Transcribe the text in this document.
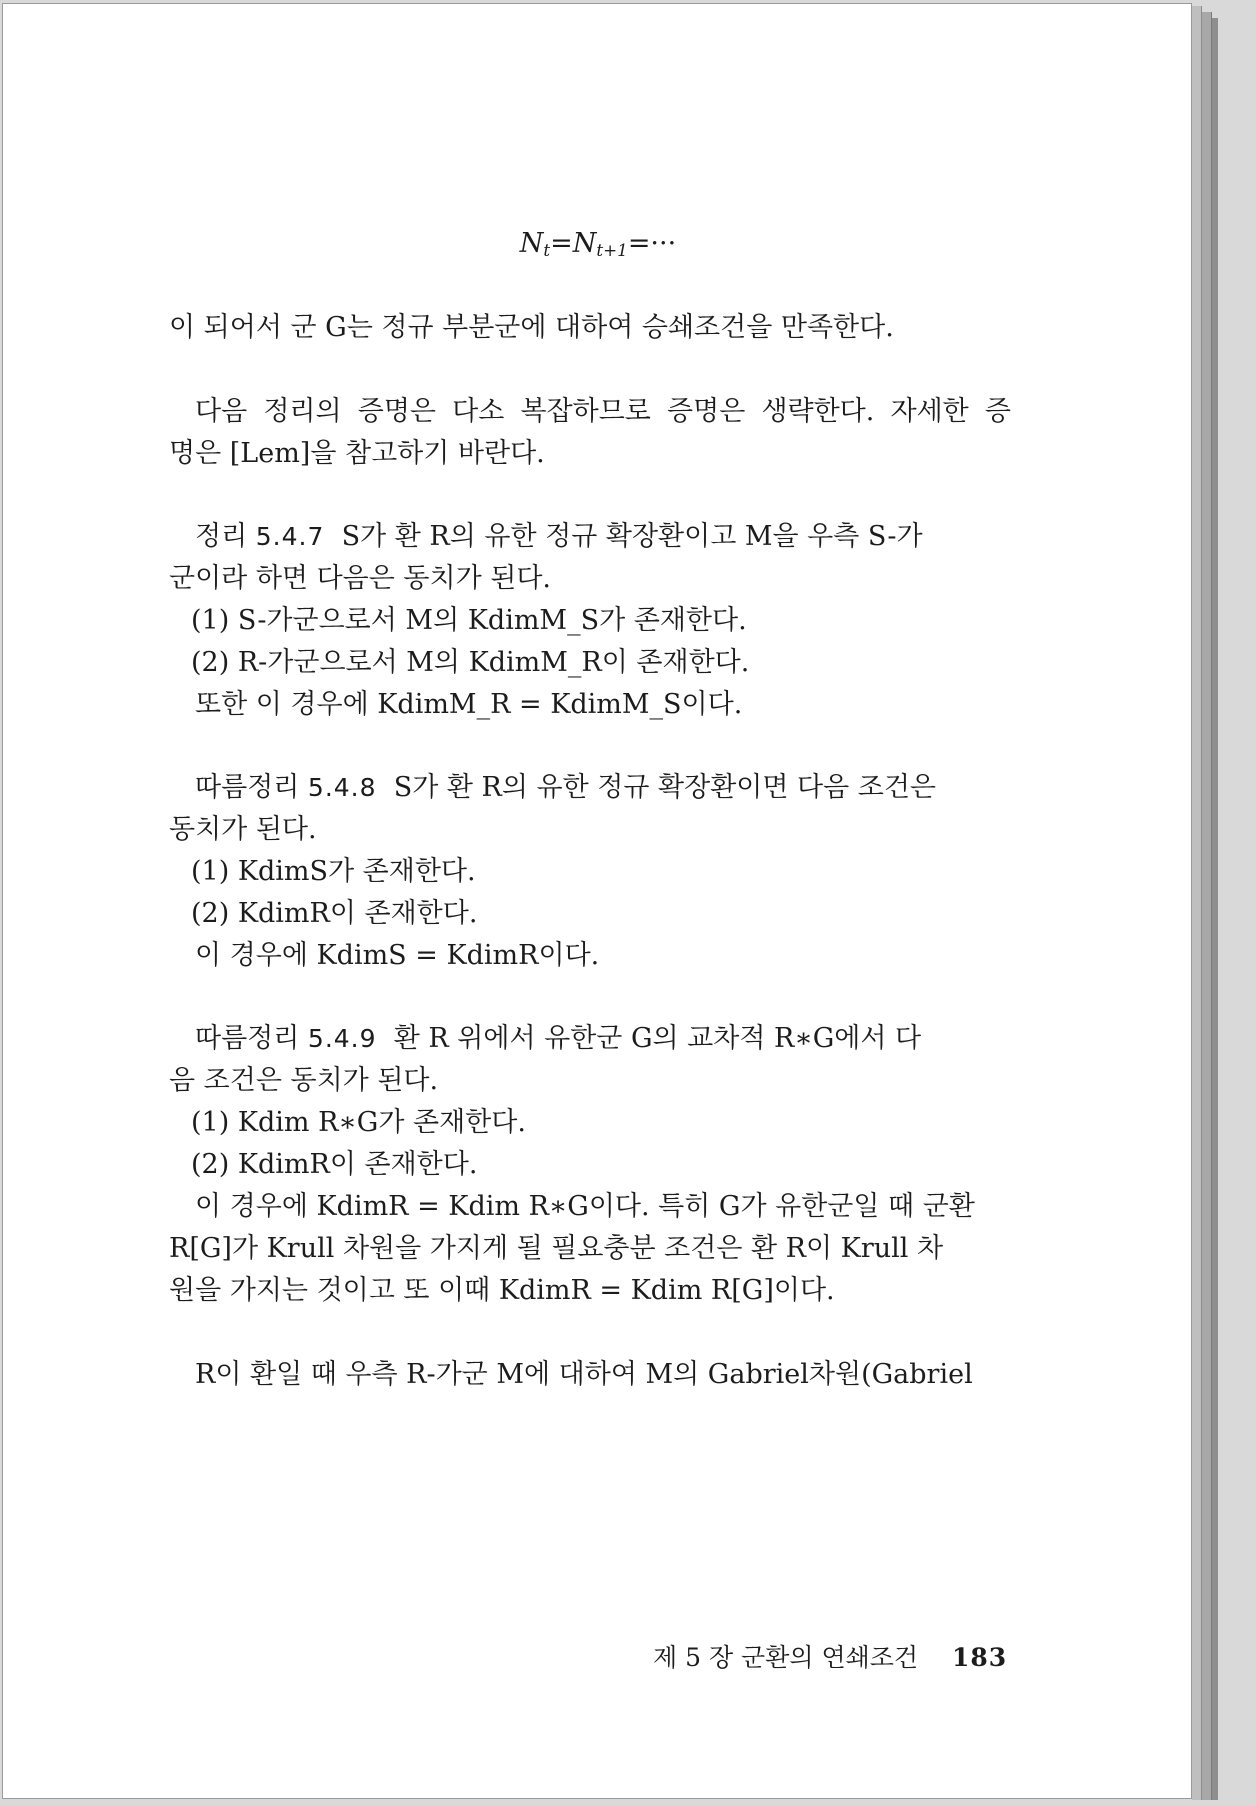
$N_t=N_{t+1}=\cdot\cdot\cdot$
이 되어서 군 G는 정규 부분군에 대하여 승쇄조건을 만족한다.
다음 정리의 증명은 다소 복잡하므로 증명은 생략한다. 자세한 증
명은 [Lem]을 참고하기 바란다.
정리 5.4.7 S가 환 R의 유한 정규 확장환이고 M을 우측 S-가
군이라 하면 다음은 동치가 된다.
(1) S-가군으로서 M의 KdimM_S가 존재한다.
(2) R-가군으로서 M의 KdimM_R이 존재한다.
또한 이 경우에 KdimM_R = KdimM_S이다.
따름정리 5.4.8 S가 환 R의 유한 정규 확장환이면 다음 조건은
동치가 된다.
(1) KdimS가 존재한다.
(2) KdimR이 존재한다.
이 경우에 KdimS = KdimR이다.
따름정리 5.4.9 환 R 위에서 유한군 G의 교차적 R∗G에서 다
음 조건은 동치가 된다.
(1) Kdim R∗G가 존재한다.
(2) KdimR이 존재한다.
이 경우에 KdimR = Kdim R∗G이다. 특히 G가 유한군일 때 군환
R[G]가 Krull 차원을 가지게 될 필요충분 조건은 환 R이 Krull 차
원을 가지는 것이고 또 이때 KdimR = Kdim R[G]이다.
R이 환일 때 우측 R-가군 M에 대하여 M의 Gabriel차원(Gabriel
제 5 장 군환의 연쇄조건 183
